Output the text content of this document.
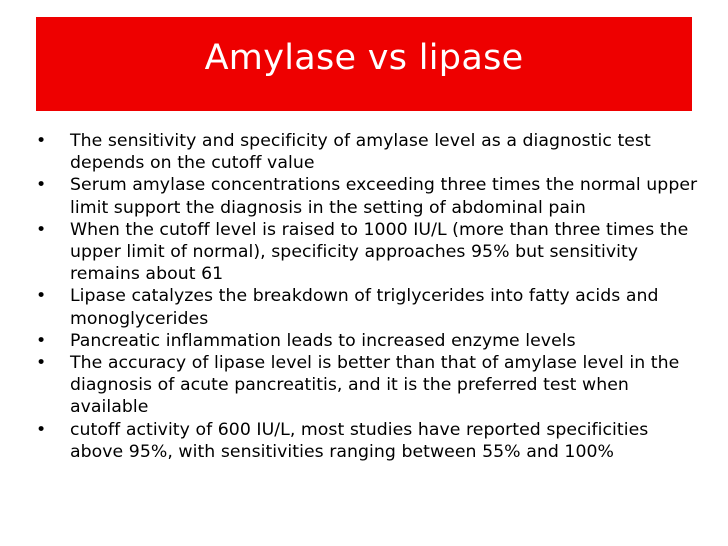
Amylase vs lipase
• The sensitivity and specificity of amylase level as a diagnostic test depends on the cutoff value
• Serum amylase concentrations exceeding three times the normal upper limit support the diagnosis in the setting of abdominal pain
• When the cutoff level is raised to 1000 IU/L (more than three times the upper limit of normal), specificity approaches 95% but sensitivity remains about 61
• Lipase catalyzes the breakdown of triglycerides into fatty acids and monoglycerides
• Pancreatic inflammation leads to increased enzyme levels
• The accuracy of lipase level is better than that of amylase level in the diagnosis of acute pancreatitis, and it is the preferred test when available
• cutoff activity of 600 IU/L, most studies have reported specificities above 95%, with sensitivities ranging between 55% and 100%
